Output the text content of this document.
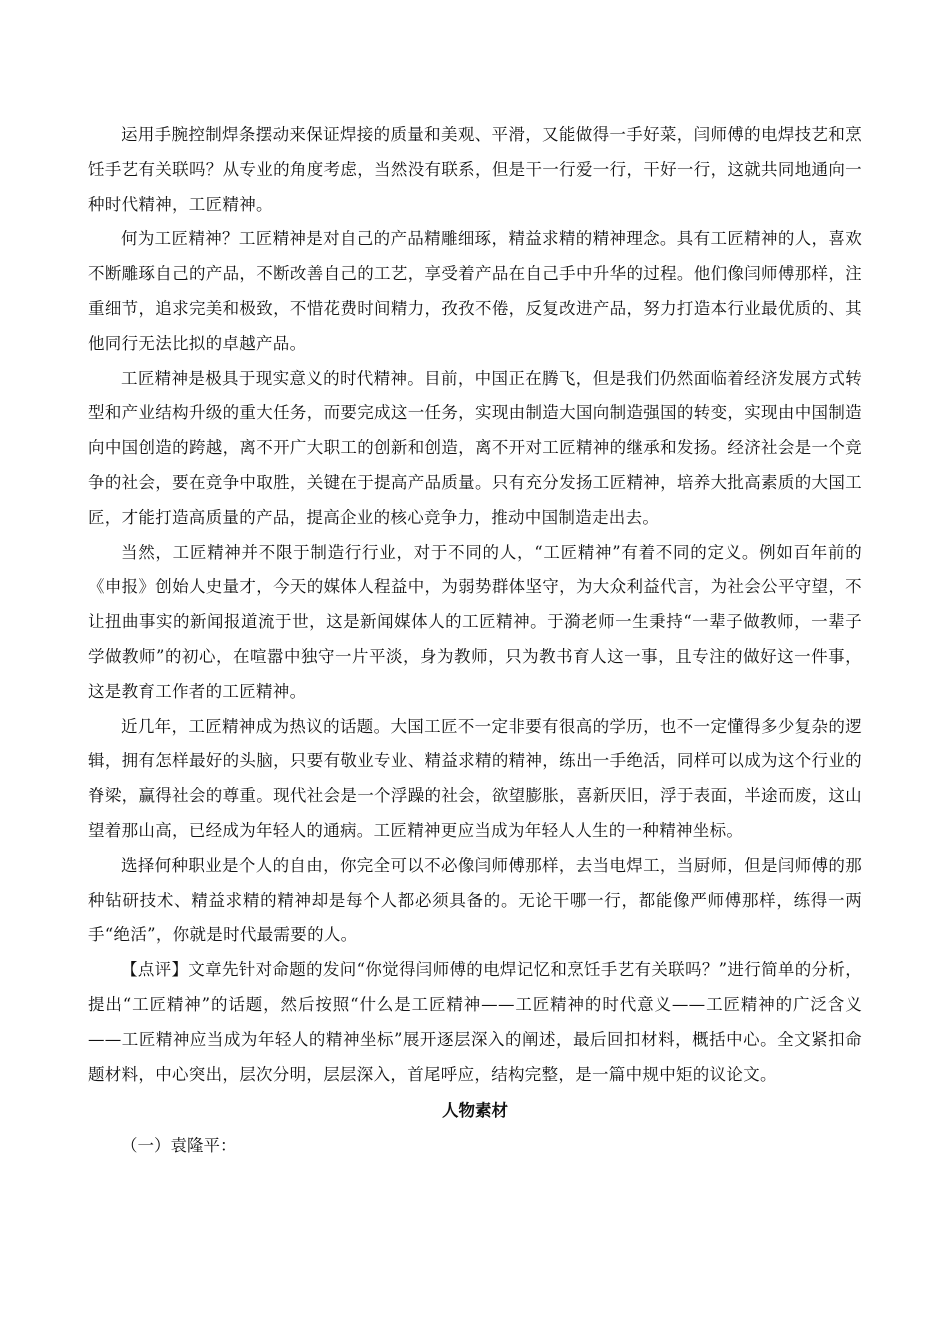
运用手腕控制焊条摆动来保证焊接的质量和美观、平滑，又能做得一手好菜，闫师傅的电焊技艺和烹饪手艺有关联吗？从专业的角度考虑，当然没有联系，但是干一行爱一行，干好一行，这就共同地通向一种时代精神，工匠精神。

何为工匠精神？工匠精神是对自己的产品精雕细琢，精益求精的精神理念。具有工匠精神的人，喜欢不断雕琢自己的产品，不断改善自己的工艺，享受着产品在自己手中升华的过程。他们像闫师傅那样，注重细节，追求完美和极致，不惜花费时间精力，孜孜不倦，反复改进产品，努力打造本行业最优质的、其他同行无法比拟的卓越产品。

工匠精神是极具于现实意义的时代精神。目前，中国正在腾飞，但是我们仍然面临着经济发展方式转型和产业结构升级的重大任务，而要完成这一任务，实现由制造大国向制造强国的转变，实现由中国制造向中国创造的跨越，离不开广大职工的创新和创造，离不开对工匠精神的继承和发扬。经济社会是一个竞争的社会，要在竞争中取胜，关键在于提高产品质量。只有充分发扬工匠精神，培养大批高素质的大国工匠，才能打造高质量的产品，提高企业的核心竞争力，推动中国制造走出去。

当然，工匠精神并不限于制造行行业，对于不同的人，“工匠精神”有着不同的定义。例如百年前的《申报》创始人史量才，今天的媒体人程益中，为弱势群体坚守，为大众利益代言，为社会公平守望，不让扭曲事实的新闻报道流于世，这是新闻媒体人的工匠精神。于漪老师一生秉持“一辈子做教师，一辈子学做教师”的初心，在喧嚣中独守一片平淡，身为教师，只为教书育人这一事，且专注的做好这一件事，这是教育工作者的工匠精神。

近几年，工匠精神成为热议的话题。大国工匠不一定非要有很高的学历，也不一定懂得多少复杂的逻辑，拥有怎样最好的头脑，只要有敬业专业、精益求精的精神，练出一手绝活，同样可以成为这个行业的脊梁，赢得社会的尊重。现代社会是一个浮躁的社会，欲望膨胀，喜新厌旧，浮于表面，半途而废，这山望着那山高，已经成为年轻人的通病。工匠精神更应当成为年轻人人生的一种精神坐标。

选择何种职业是个人的自由，你完全可以不必像闫师傅那样，去当电焊工，当厨师，但是闫师傅的那种钻研技术、精益求精的精神却是每个人都必须具备的。无论干哪一行，都能像严师傅那样，练得一两手“绝活”，你就是时代最需要的人。

【点评】文章先针对命题的发问“你觉得闫师傅的电焊记忆和烹饪手艺有关联吗？”进行简单的分析，提出“工匠精神”的话题，然后按照“什么是工匠精神——工匠精神的时代意义——工匠精神的广泛含义——工匠精神应当成为年轻人的精神坐标”展开逐层深入的阐述，最后回扣材料，概括中心。全文紧扣命题材料，中心突出，层次分明，层层深入，首尾呼应，结构完整，是一篇中规中矩的议论文。

人物素材

（一）袁隆平：
